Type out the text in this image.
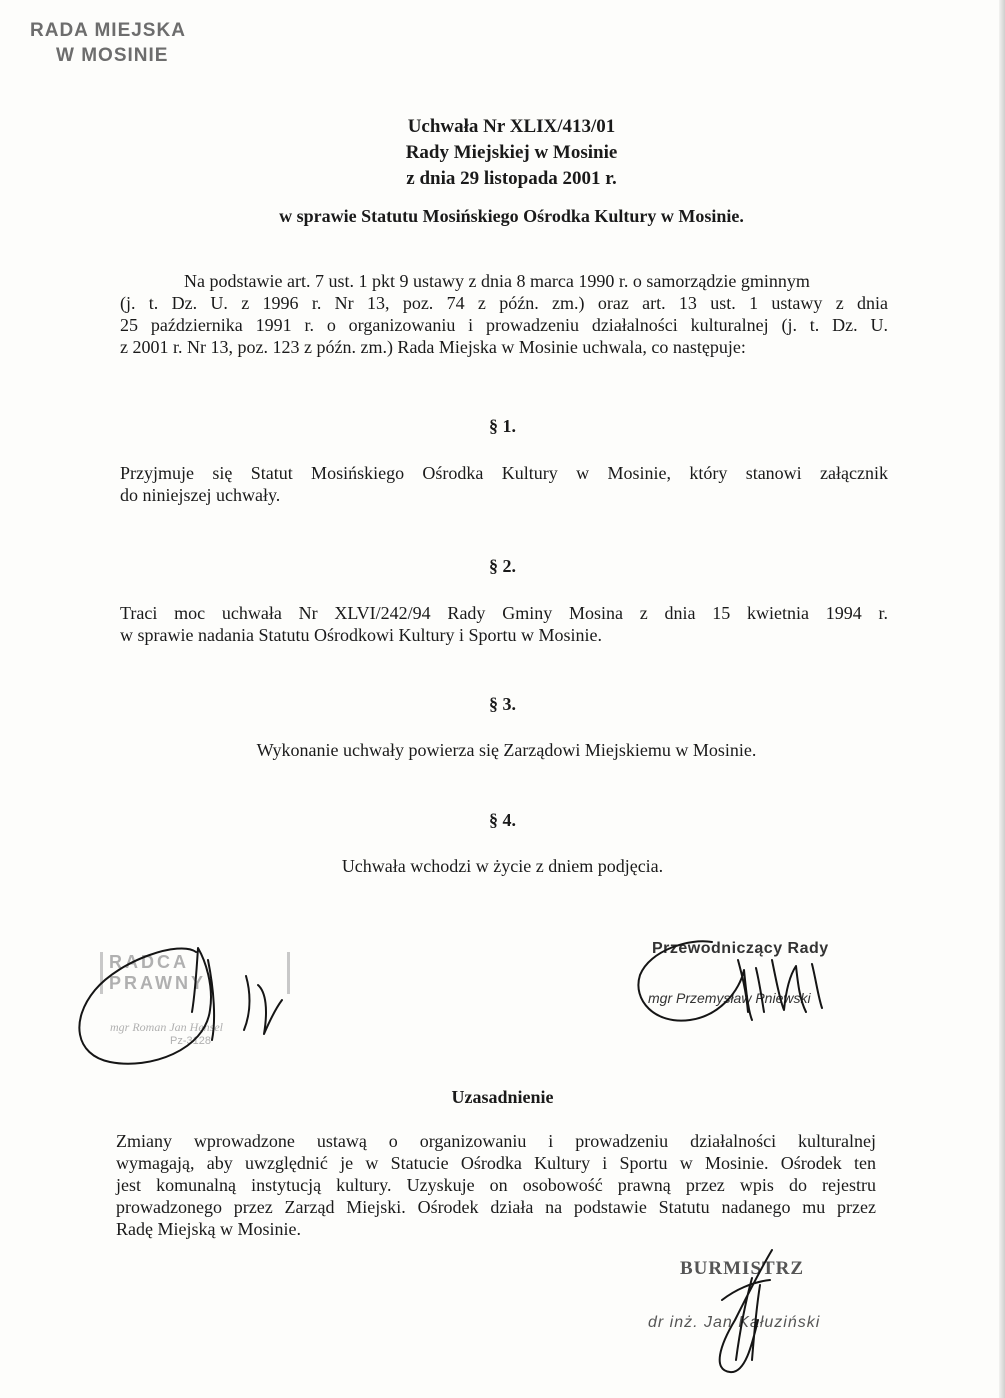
RADA MIEJSKA
W MOSINIE
Uchwała Nr XLIX/413/01
Rady Miejskiej w Mosinie
z dnia 29 listopada 2001 r.
w sprawie Statutu Mosińskiego Ośrodka Kultury w Mosinie.
Na podstawie art. 7 ust. 1 pkt 9 ustawy z dnia 8 marca 1990 r. o samorządzie gminnym
(j. t. Dz. U. z 1996 r. Nr 13, poz. 74 z późn. zm.) oraz art. 13 ust. 1 ustawy z dnia
25 października 1991 r. o organizowaniu i prowadzeniu działalności kulturalnej (j. t. Dz. U.
z 2001 r. Nr 13, poz. 123 z późn. zm.) Rada Miejska w Mosinie uchwala, co następuje:
§ 1.
Przyjmuje się Statut Mosińskiego Ośrodka Kultury w Mosinie, który stanowi załącznik
do niniejszej uchwały.
§ 2.
Traci moc uchwała Nr XLVI/242/94 Rady Gminy Mosina z dnia 15 kwietnia 1994 r.
w sprawie nadania Statutu Ośrodkowi Kultury i Sportu w Mosinie.
§ 3.
Wykonanie uchwały powierza się Zarządowi Miejskiemu w Mosinie.
§ 4.
Uchwała wchodzi w życie z dniem podjęcia.
RADCA PRAWNY
mgr Roman Jan Hensel
Pz-3128
Przewodniczący Rady
mgr Przemysław Pniewski
Uzasadnienie
Zmiany wprowadzone ustawą o organizowaniu i prowadzeniu działalności kulturalnej
wymagają, aby uwzględnić je w Statucie Ośrodka Kultury i Sportu w Mosinie. Ośrodek ten
jest komunalną instytucją kultury. Uzyskuje on osobowość prawną przez wpis do rejestru
prowadzonego przez Zarząd Miejski. Ośrodek działa na podstawie Statutu nadanego mu przez
Radę Miejską w Mosinie.
BURMISTRZ
dr inż. Jan Kałuziński
